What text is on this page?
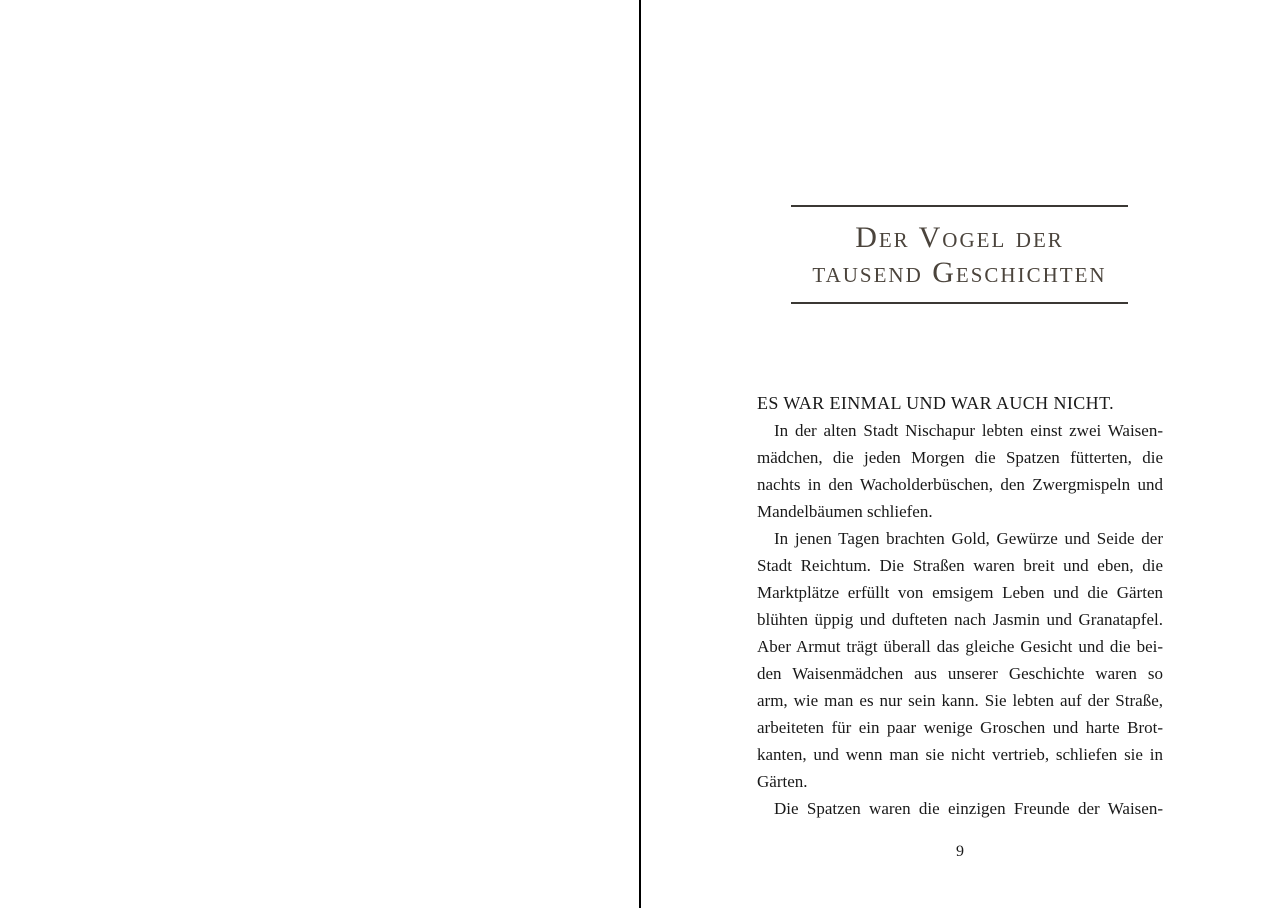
Der Vogel der
tausend Geschichten
ES WAR EINMAL UND WAR AUCH NICHT.
In der alten Stadt Nischapur lebten einst zwei Waisen-
mädchen, die jeden Morgen die Spatzen fütterten, die
nachts in den Wacholderbüschen, den Zwergmispeln und
Mandelbäumen schliefen.
In jenen Tagen brachten Gold, Gewürze und Seide der
Stadt Reichtum. Die Straßen waren breit und eben, die
Marktplätze erfüllt von emsigem Leben und die Gärten
blühten üppig und dufteten nach Jasmin und Granatapfel.
Aber Armut trägt überall das gleiche Gesicht und die bei-
den Waisenmädchen aus unserer Geschichte waren so
arm, wie man es nur sein kann. Sie lebten auf der Straße,
arbeiteten für ein paar wenige Groschen und harte Brot-
kanten, und wenn man sie nicht vertrieb, schliefen sie in
Gärten.
Die Spatzen waren die einzigen Freunde der Waisen-
9
